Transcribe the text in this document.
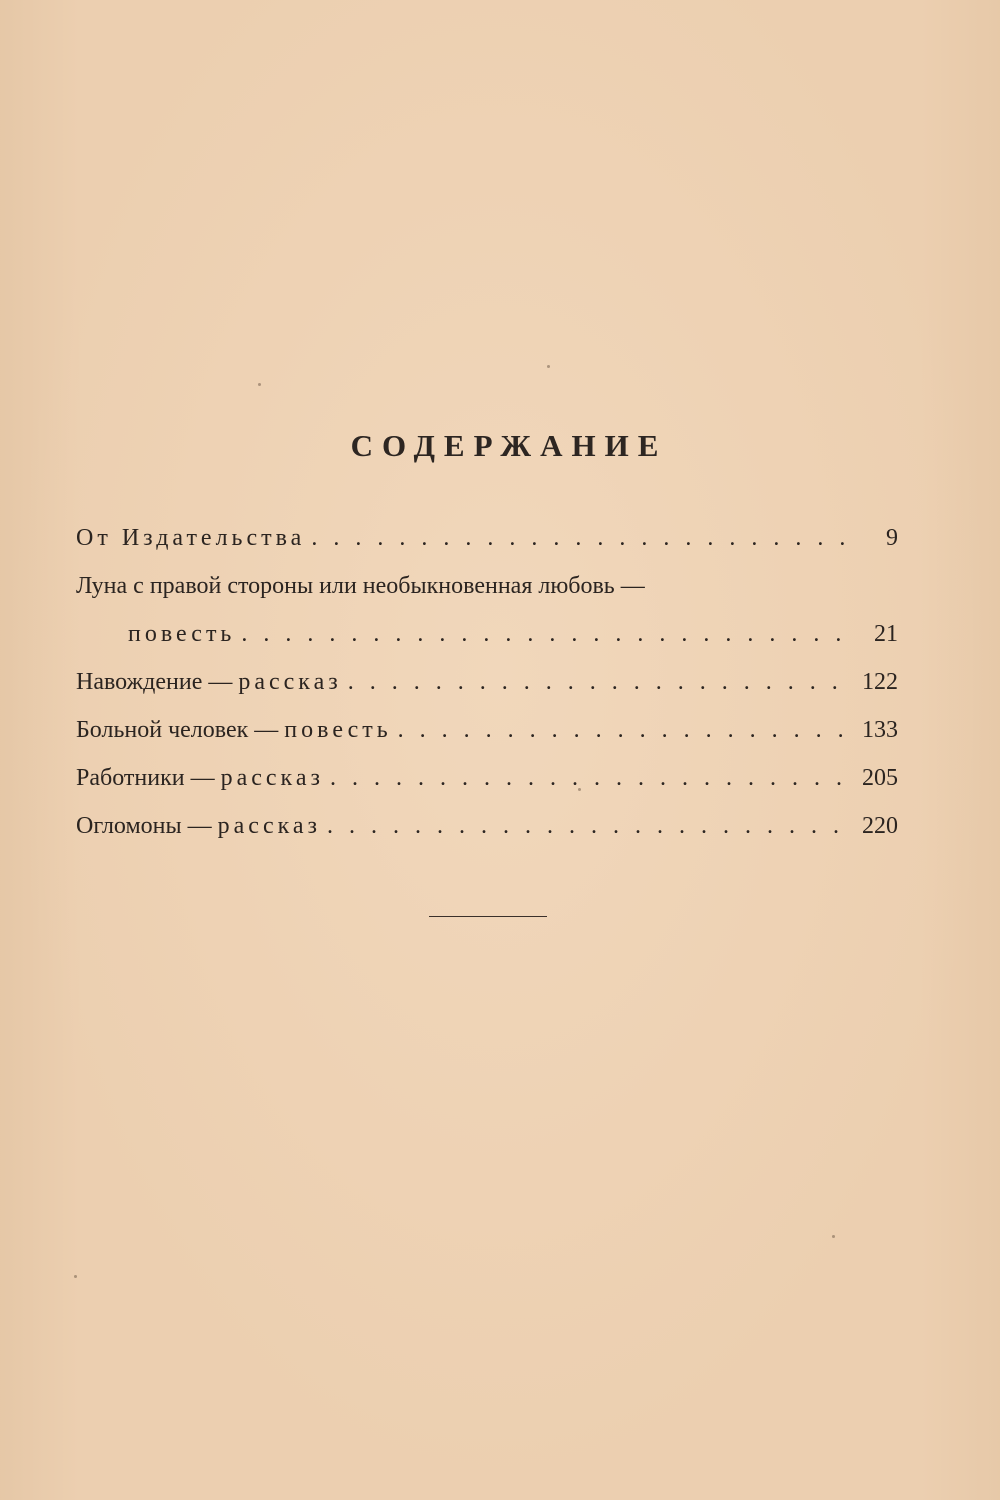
СОДЕРЖАНИЕ
От Издательства . . .	9
Луна с правой стороны или необыкновенная любовь —
повесть . . .	21
Навождение — рассказ . . .	122
Больной человек — повесть . . .	133
Работники — рассказ . . .	205
Огломоны — рассказ . . .	220
